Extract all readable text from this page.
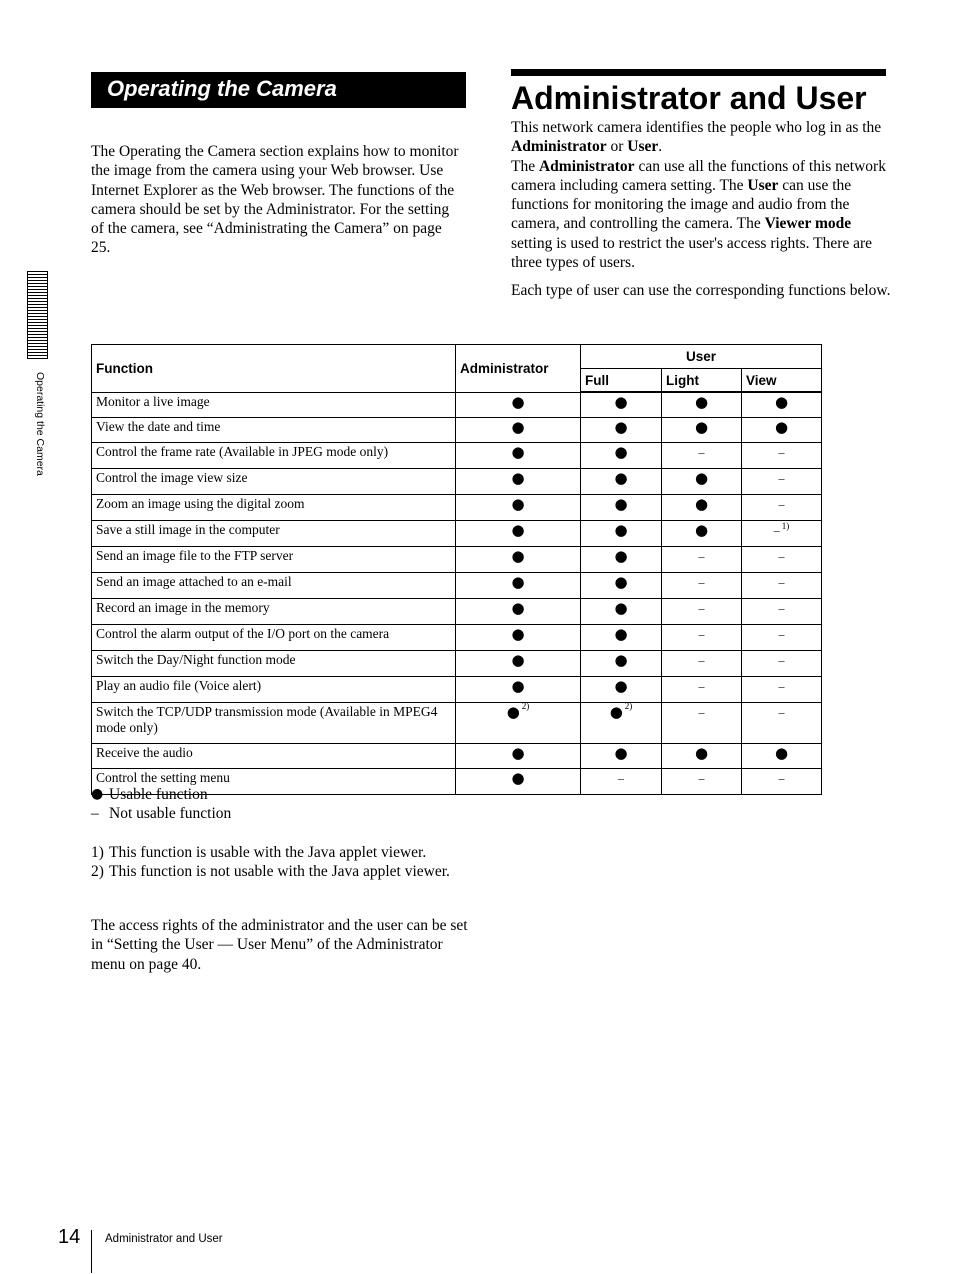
Operating the Camera	Administrator and User

The Operating the Camera section explains how to monitor the image from the camera using your Web browser. Use Internet Explorer as the Web browser. The functions of the camera should be set by the Administrator. For the setting of the camera, see “Administrating the Camera” on page 25.

This network camera identifies the people who log in as the Administrator or User.

The Administrator can use all the functions of this network camera including camera setting. The User can use the functions for monitoring the image and audio from the camera, and controlling the camera. The Viewer mode setting is used to restrict the user's access rights. There are three types of users.

Each type of user can use the corresponding functions below.

Operating the Camera
Function	Administrator	User		
		Full	Light	View
Monitor a live image	●	●	●	●
View the date and time	●	●	●	●
Control the frame rate (Available in JPEG mode only)	●	●	–	–
Control the image view size	●	●	●	–
Zoom an image using the digital zoom	●	●	●	–
Save a still image in the computer	●	●	●	– $^{1)}$
Send an image file to the FTP server	●	●	–	–
Send an image attached to an e-mail	●	●	–	–
Record an image in the memory	●	●	–	–
Control the alarm output of the I/O port on the camera	●	●	–	–
Switch the Day/Night function mode	●	●	–	–
Play an audio file (Voice alert)	●	●	–	–
Switch the TCP/UDP transmission mode (Available in MPEG4 mode only)	● $^{2)}$	● $^{2)}$	–	–
Receive the audio	●	●	●	●
Control the setting menu	●	–	–	–
● Usable function
– Not usable function
1) This function is usable with the Java applet viewer.
2) This function is not usable with the Java applet viewer.

The access rights of the administrator and the user can be set in “Setting the User — User Menu” of the Administrator menu on page 40.

14 Administrator and User
